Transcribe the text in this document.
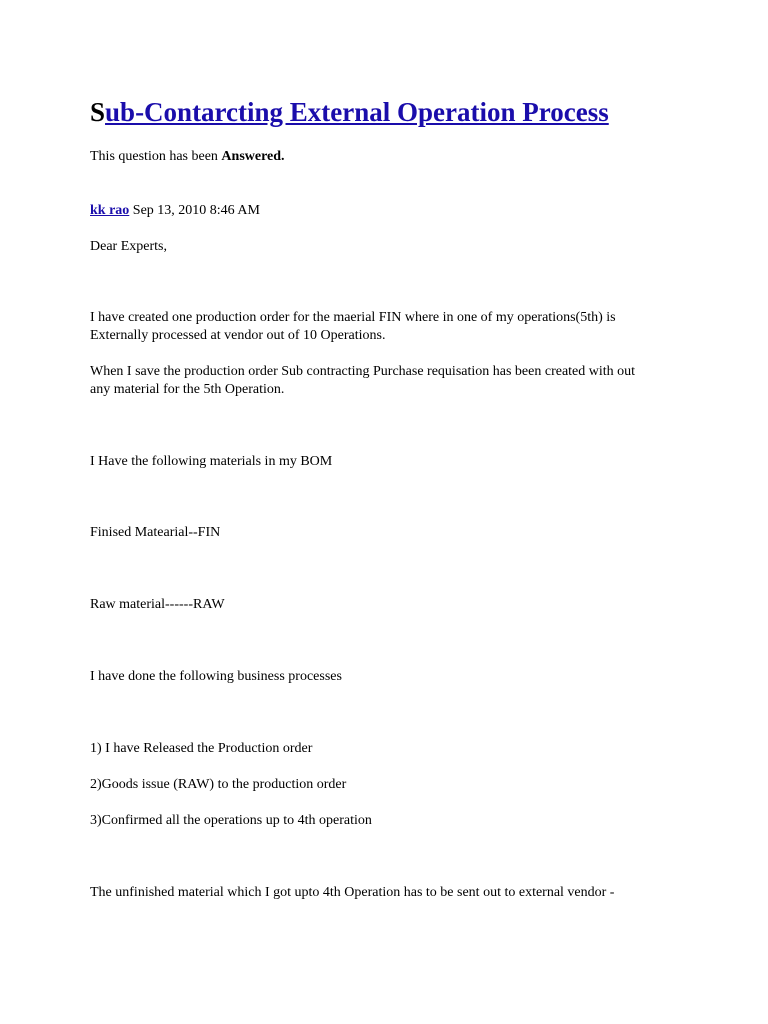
Sub-Contarcting External Operation Process

This question has been Answered.

kk rao Sep 13, 2010 8:46 AM

Dear Experts,

I have created one production order for the maerial FIN where in one of my operations(5th) is

Externally processed at vendor out of 10 Operations.

When I save the production order Sub contracting Purchase requisation has been created with out

any material for the 5th Operation.

I Have the following materials in my BOM

Finised Matearial--FIN

Raw material------RAW

I have done the following business processes

1) I have Released the Production order

2)Goods issue (RAW) to the production order

3)Confirmed all the operations up to 4th operation

The unfinished material which I got upto 4th Operation has to be sent out to external vendor -
